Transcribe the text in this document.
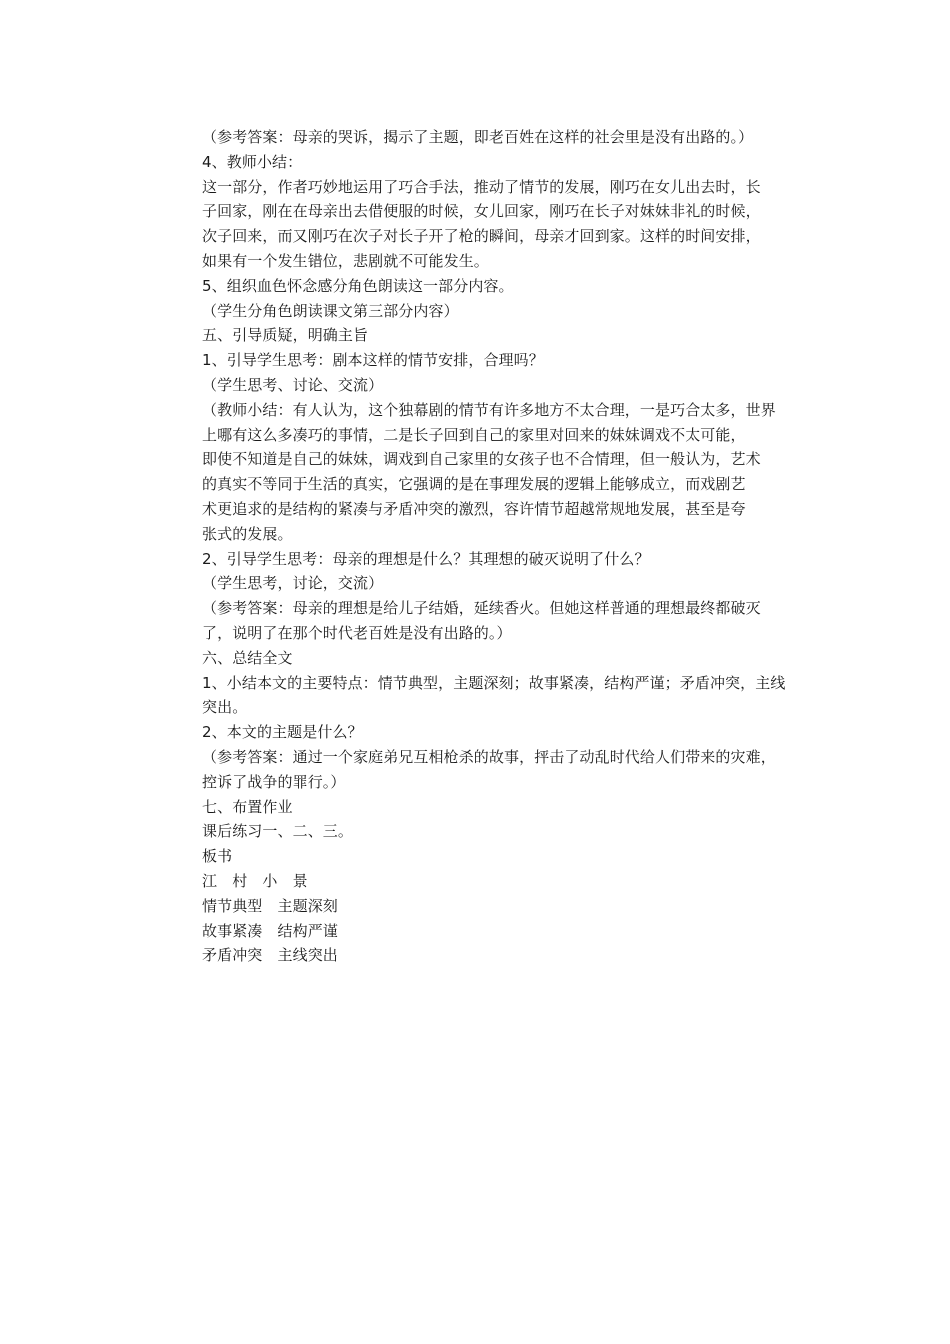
（参考答案：母亲的哭诉，揭示了主题，即老百姓在这样的社会里是没有出路的。）
4、教师小结：
这一部分，作者巧妙地运用了巧合手法，推动了情节的发展，刚巧在女儿出去时，长
子回家，刚在在母亲出去借便服的时候，女儿回家，刚巧在长子对妹妹非礼的时候，
次子回来，而又刚巧在次子对长子开了枪的瞬间，母亲才回到家。这样的时间安排，
如果有一个发生错位，悲剧就不可能发生。
5、组织血色怀念感分角色朗读这一部分内容。
（学生分角色朗读课文第三部分内容）
五、引导质疑，明确主旨
1、引导学生思考：剧本这样的情节安排，合理吗？
（学生思考、讨论、交流）
（教师小结：有人认为，这个独幕剧的情节有许多地方不太合理，一是巧合太多，世界
上哪有这么多凑巧的事情，二是长子回到自己的家里对回来的妹妹调戏不太可能，
即使不知道是自己的妹妹，调戏到自己家里的女孩子也不合情理，但一般认为，艺术
的真实不等同于生活的真实，它强调的是在事理发展的逻辑上能够成立，而戏剧艺
术更追求的是结构的紧凑与矛盾冲突的激烈，容许情节超越常规地发展，甚至是夸
张式的发展。
2、引导学生思考：母亲的理想是什么？其理想的破灭说明了什么？
（学生思考，讨论，交流）
（参考答案：母亲的理想是给儿子结婚，延续香火。但她这样普通的理想最终都破灭
了，说明了在那个时代老百姓是没有出路的。）
六、总结全文
1、小结本文的主要特点：情节典型，主题深刻；故事紧凑，结构严谨；矛盾冲突，主线
突出。
2、本文的主题是什么？
（参考答案：通过一个家庭弟兄互相枪杀的故事，抨击了动乱时代给人们带来的灾难，
控诉了战争的罪行。）
七、布置作业
课后练习一、二、三。
板书
江　村　小　景
情节典型　主题深刻
故事紧凑　结构严谨
矛盾冲突　主线突出
